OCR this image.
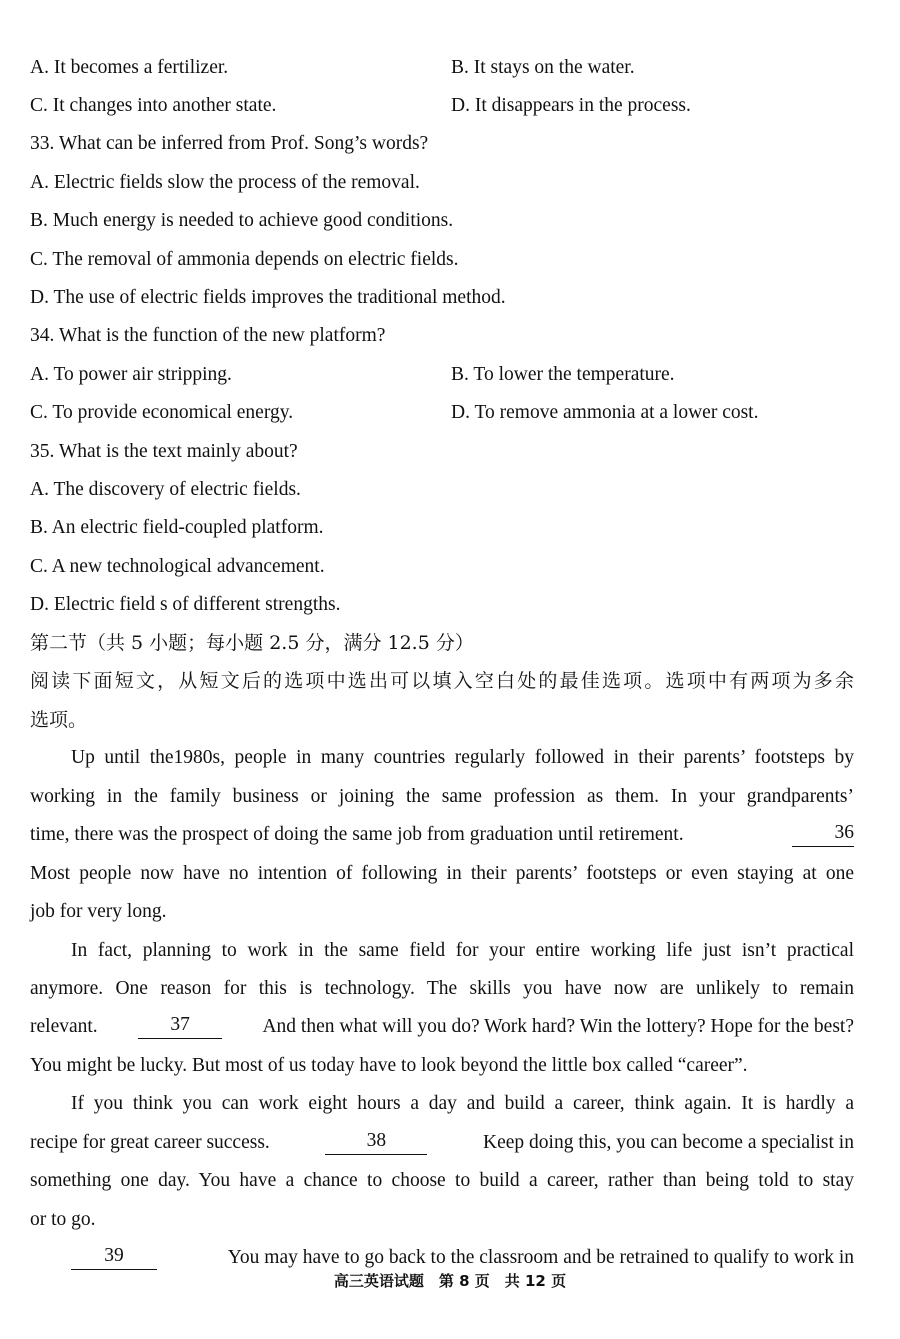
A. It becomes a fertilizer.	B. It stays on the water.
C. It changes into another state.	D. It disappears in the process.
33. What can be inferred from Prof. Song’s words?
A. Electric fields slow the process of the removal.
B. Much energy is needed to achieve good conditions.
C. The removal of ammonia depends on electric fields.
D. The use of electric fields improves the traditional method.
34. What is the function of the new platform?
A. To power air stripping.	B. To lower the temperature.
C. To provide economical energy.	D. To remove ammonia at a lower cost.
35. What is the text mainly about?
A. The discovery of electric fields.
B. An electric field-coupled platform.
C. A new technological advancement.
D. Electric field s of different strengths.
第二节（共 5 小题；每小题 2.5 分，满分 12.5 分）
阅读下面短文，从短文后的选项中选出可以填入空白处的最佳选项。选项中有两项为多余
选项。
Up until the1980s, people in many countries regularly followed in their parents’ footsteps by
working in the family business or joining the same profession as them. In your grandparents’
time, there was the prospect of doing the same job from graduation until retirement.	36
Most people now have no intention of following in their parents’ footsteps or even staying at one
job for very long.
In fact, planning to work in the same field for your entire working life just isn’t practical
anymore. One reason for this is technology. The skills you have now are unlikely to remain
relevant.	37	And then what will you do? Work hard? Win the lottery? Hope for the best?
You might be lucky. But most of us today have to look beyond the little box called “career”.
If you think you can work eight hours a day and build a career, think again. It is hardly a
recipe for great career success.	38	Keep doing this, you can become a specialist in
something one day. You have a chance to choose to build a career, rather than being told to stay
or to go.
39	You may have to go back to the classroom and be retrained to qualify to work in
高三英语试题　第 8 页　共 12 页
